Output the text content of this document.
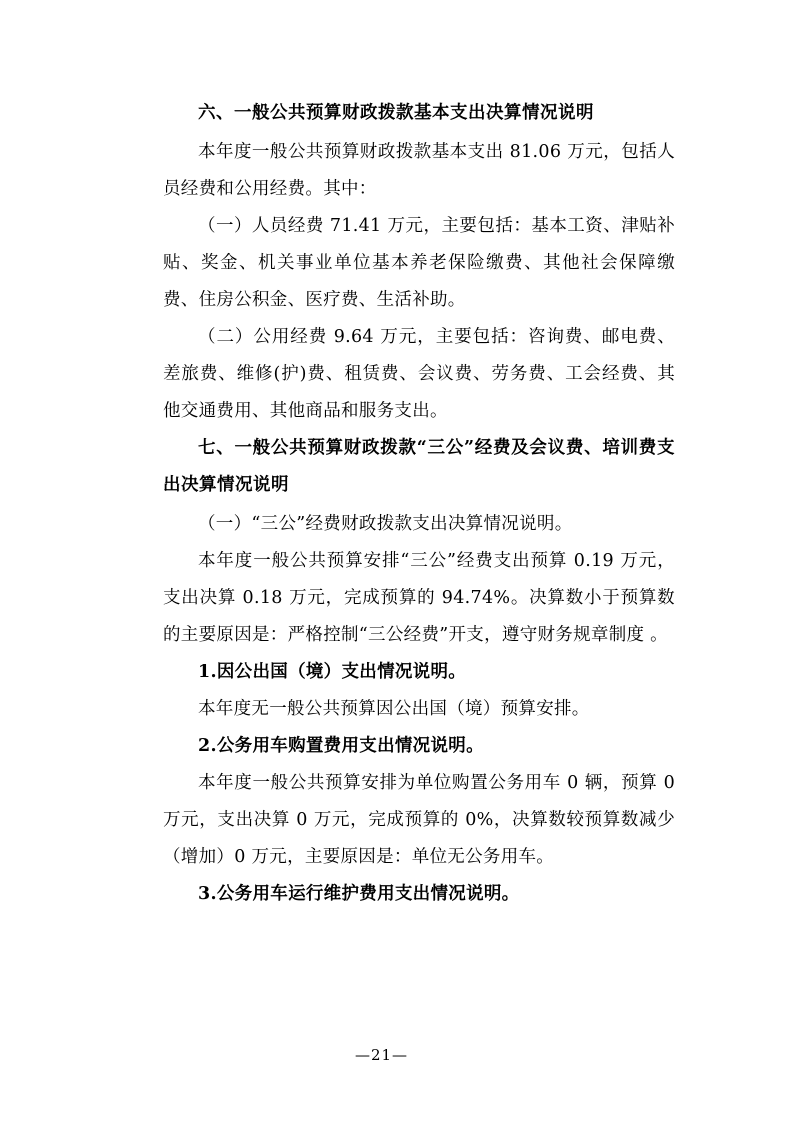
六、一般公共预算财政拨款基本支出决算情况说明

本年度一般公共预算财政拨款基本支出 81.06 万元，包括人员经费和公用经费。其中：

（一）人员经费 71.41 万元，主要包括：基本工资、津贴补贴、奖金、机关事业单位基本养老保险缴费、其他社会保障缴费、住房公积金、医疗费、生活补助。

（二）公用经费 9.64 万元，主要包括：咨询费、邮电费、差旅费、维修(护)费、租赁费、会议费、劳务费、工会经费、其他交通费用、其他商品和服务支出。

七、一般公共预算财政拨款“三公”经费及会议费、培训费支出决算情况说明

（一）“三公”经费财政拨款支出决算情况说明。

本年度一般公共预算安排“三公”经费支出预算 0.19 万元，支出决算 0.18 万元，完成预算的 94.74%。决算数小于预算数的主要原因是：严格控制“三公经费”开支，遵守财务规章制度 。

1.因公出国（境）支出情况说明。

本年度无一般公共预算因公出国（境）预算安排。

2.公务用车购置费用支出情况说明。

本年度一般公共预算安排为单位购置公务用车 0 辆，预算 0 万元，支出决算 0 万元，完成预算的 0%，决算数较预算数减少（增加）0 万元，主要原因是：单位无公务用车。

3.公务用车运行维护费用支出情况说明。

—21—
